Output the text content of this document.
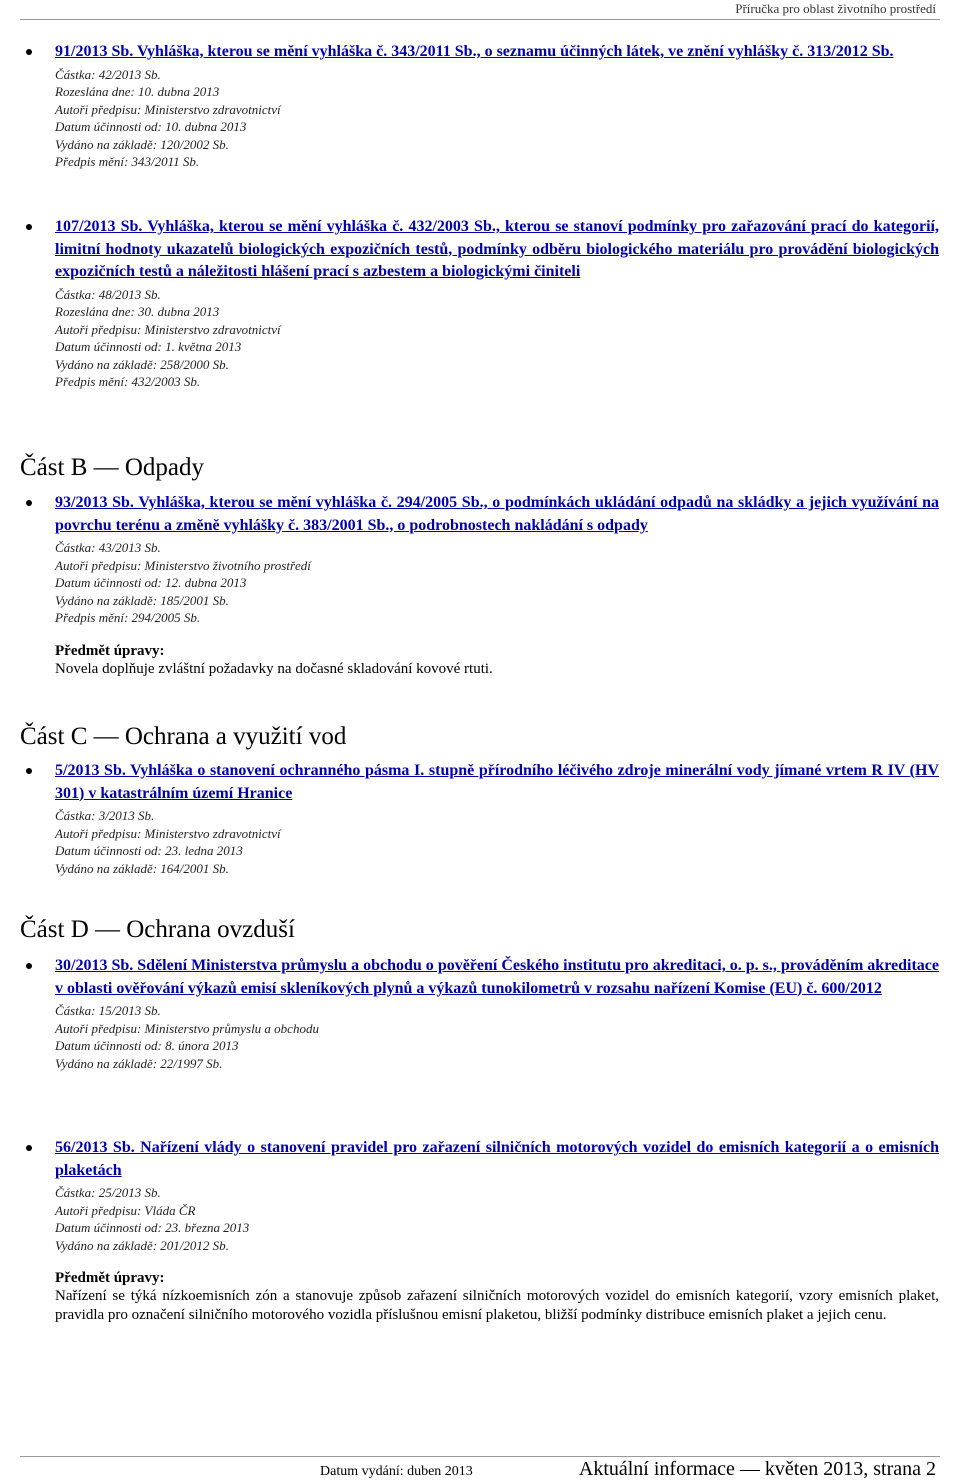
Příručka pro oblast životního prostředí
91/2013 Sb. Vyhláška, kterou se mění vyhláška č. 343/2011 Sb., o seznamu účinných látek, ve znění vyhlášky č. 313/2012 Sb.
Částka: 42/2013 Sb.
Rozeslána dne: 10. dubna 2013
Autoři předpisu: Ministerstvo zdravotnictví
Datum účinnosti od: 10. dubna 2013
Vydáno na základě: 120/2002 Sb.
Předpis mění: 343/2011 Sb.
107/2013 Sb. Vyhláška, kterou se mění vyhláška č. 432/2003 Sb., kterou se stanoví podmínky pro zařazování prací do kategorií, limitní hodnoty ukazatelů biologických expozičních testů, podmínky odběru biologického materiálu pro provádění biologických expozičních testů a náležitosti hlášení prací s azbestem a biologickými činiteli
Částka: 48/2013 Sb.
Rozeslána dne: 30. dubna 2013
Autoři předpisu: Ministerstvo zdravotnictví
Datum účinnosti od: 1. května 2013
Vydáno na základě: 258/2000 Sb.
Předpis mění: 432/2003 Sb.
Část B — Odpady
93/2013 Sb. Vyhláška, kterou se mění vyhláška č. 294/2005 Sb., o podmínkách ukládání odpadů na skládky a jejich využívání na povrchu terénu a změně vyhlášky č. 383/2001 Sb., o podrobnostech nakládání s odpady
Částka: 43/2013 Sb.
Autoři předpisu: Ministerstvo životního prostředí
Datum účinnosti od: 12. dubna 2013
Vydáno na základě: 185/2001 Sb.
Předpis mění: 294/2005 Sb.
Předmět úpravy:
Novela doplňuje zvláštní požadavky na dočasné skladování kovové rtuti.
Část C — Ochrana a využití vod
5/2013 Sb. Vyhláška o stanovení ochranného pásma I. stupně přírodního léčivého zdroje minerální vody jímané vrtem R IV (HV 301) v katastrálním území Hranice
Částka: 3/2013 Sb.
Autoři předpisu: Ministerstvo zdravotnictví
Datum účinnosti od: 23. ledna 2013
Vydáno na základě: 164/2001 Sb.
Část D — Ochrana ovzduší
30/2013 Sb. Sdělení Ministerstva průmyslu a obchodu o pověření Českého institutu pro akreditaci, o. p. s., prováděním akreditace v oblasti ověřování výkazů emisí skleníkových plynů a výkazů tunokilometrů v rozsahu nařízení Komise (EU) č. 600/2012
Částka: 15/2013 Sb.
Autoři předpisu: Ministerstvo průmyslu a obchodu
Datum účinnosti od: 8. února 2013
Vydáno na základě: 22/1997 Sb.
56/2013 Sb. Nařízení vlády o stanovení pravidel pro zařazení silničních motorových vozidel do emisních kategorií a o emisních plaketách
Částka: 25/2013 Sb.
Autoři předpisu: Vláda ČR
Datum účinnosti od: 23. března 2013
Vydáno na základě: 201/2012 Sb.
Předmět úpravy:
Nařízení se týká nízkoemisních zón a stanovuje způsob zařazení silničních motorových vozidel do emisních kategorií, vzory emisních plaket, pravidla pro označení silničního motorového vozidla příslušnou emisní plaketou, bližší podmínky distribuce emisních plaket a jejich cenu.
Datum vydání: duben 2013	Aktuální informace — květen 2013, strana 2
